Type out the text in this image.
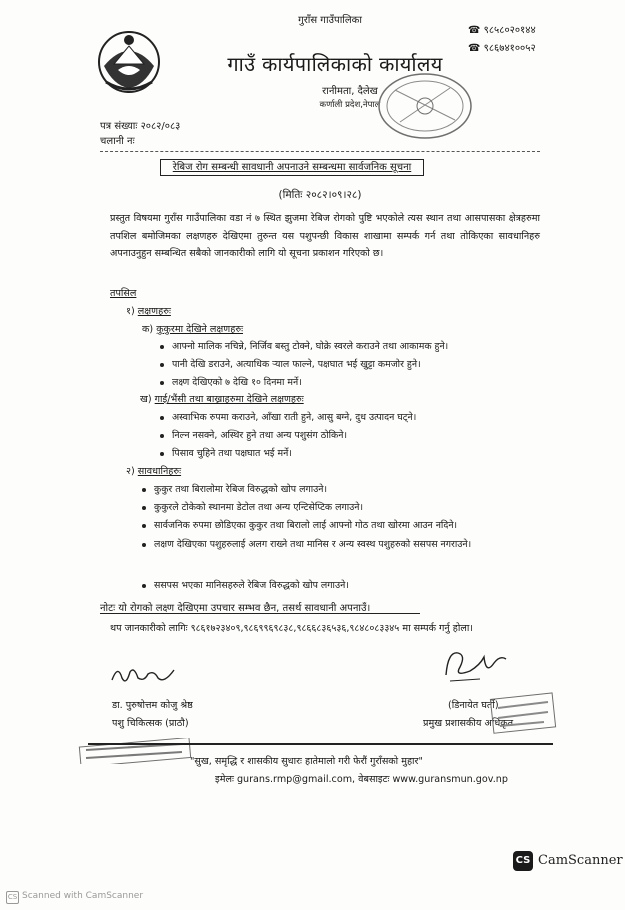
गुराँस गाउँपालिका
गाउँ कार्यपालिकाको कार्यालय
रानीमता, दैलेख
कर्णाली प्रदेश,नेपाल
☎ ९८५८०२०१४४
☎ ९८६७४१००५२
पत्र संख्याः २०८२/०८३
चलानी नः
रेबिज रोग सम्बन्धी सावधानी अपनाउने सम्बन्धमा सार्वजनिक सूचना
(मितिः २०८२।०९।२८)
प्रस्तुत विषयमा गुराँस गाउँपालिका वडा नं ७ स्थित झुजमा रेबिज रोगको पुष्टि भएकोले त्यस स्थान तथा आसपासका क्षेत्रहरुमा तपशिल बमोजिमका लक्षणहरु देखिएमा तुरुन्त यस पशुपन्छी विकास शाखामा सम्पर्क गर्न तथा तोकिएका सावधानिहरु अपनाउनुहुन सम्बन्धित सबैको जानकारीको लागि यो सूचना प्रकाशन गरिएको छ।
तपसिल
१) लक्षणहरुः
क) कुकुरमा देखिने लक्षणहरुः
आफ्नो मालिक नचिन्ने, निर्जिव बस्तु टोक्ने, घोक्रे स्वरले कराउने तथा आकामक हुने।
पानी देखि डराउने, अत्याधिक र्‍याल फाल्ने, पक्षघात भई खुट्टा कमजोर हुने।
लक्ष्ण देखिएको ७ देखि १० दिनमा मर्ने।
ख) गाई/भैंसी तथा बाख्राहरुमा देखिने लक्षणहरुः
अस्वाभिक रुपमा कराउने, आँखा राती हुने, आसु बग्ने, दुध उत्पादन घट्ने।
निल्न नसक्ने, अस्थिर हुने तथा अन्य पशुसंग ठोकिने।
पिसाव चुहिने तथा पक्षघात भई मर्ने।
२) सावधानिहरुः
कुकुर तथा बिरालोमा रेबिज विरुद्धको खोप लगाउने।
कुकुरले टोकेको स्थानमा डेटोल तथा अन्य एन्टिसेप्टिक लगाउने।
सार्वजनिक रुपमा छोडिएका कुकुर तथा बिरालो लाई आफ्नो गोठ तथा खोरमा आउन नदिने।
लक्षण देखिएका पशुहरुलाई अलग राख्ने तथा मानिस र अन्य स्वस्थ पशुहरुको ससपस नगराउने।
ससपस भएका मानिसहरुले रेबिज विरुद्धको खोप लगाउने।
नोटः यो रोगको लक्ष्ण देखिएमा उपचार सम्भव छैन, तसर्थ सावधानी अपनाउँ।
थप जानकारीको लागिः ९८६१७२३४०९,९८६९९६९८३८,९८६६८३६५३६,९८४८०८३३४५ मा सम्पर्क गर्नु होला।
डा. पुरुषोत्तम कोजु श्रेष्ठ
पशु चिकित्सक (प्राठौ)
(डिनायेत घर्ती)
प्रमुख प्रशासकीय अधिकृत
"सुख, समृद्धि र शासकीय सुधारः हातेमालो गरी फेरौं गुराँसको मुहार"
इमेलः gurans.rmp@gmail.com, वेबसाइटः www.guransmun.gov.np
CS CamScanner
CS Scanned with CamScanner
